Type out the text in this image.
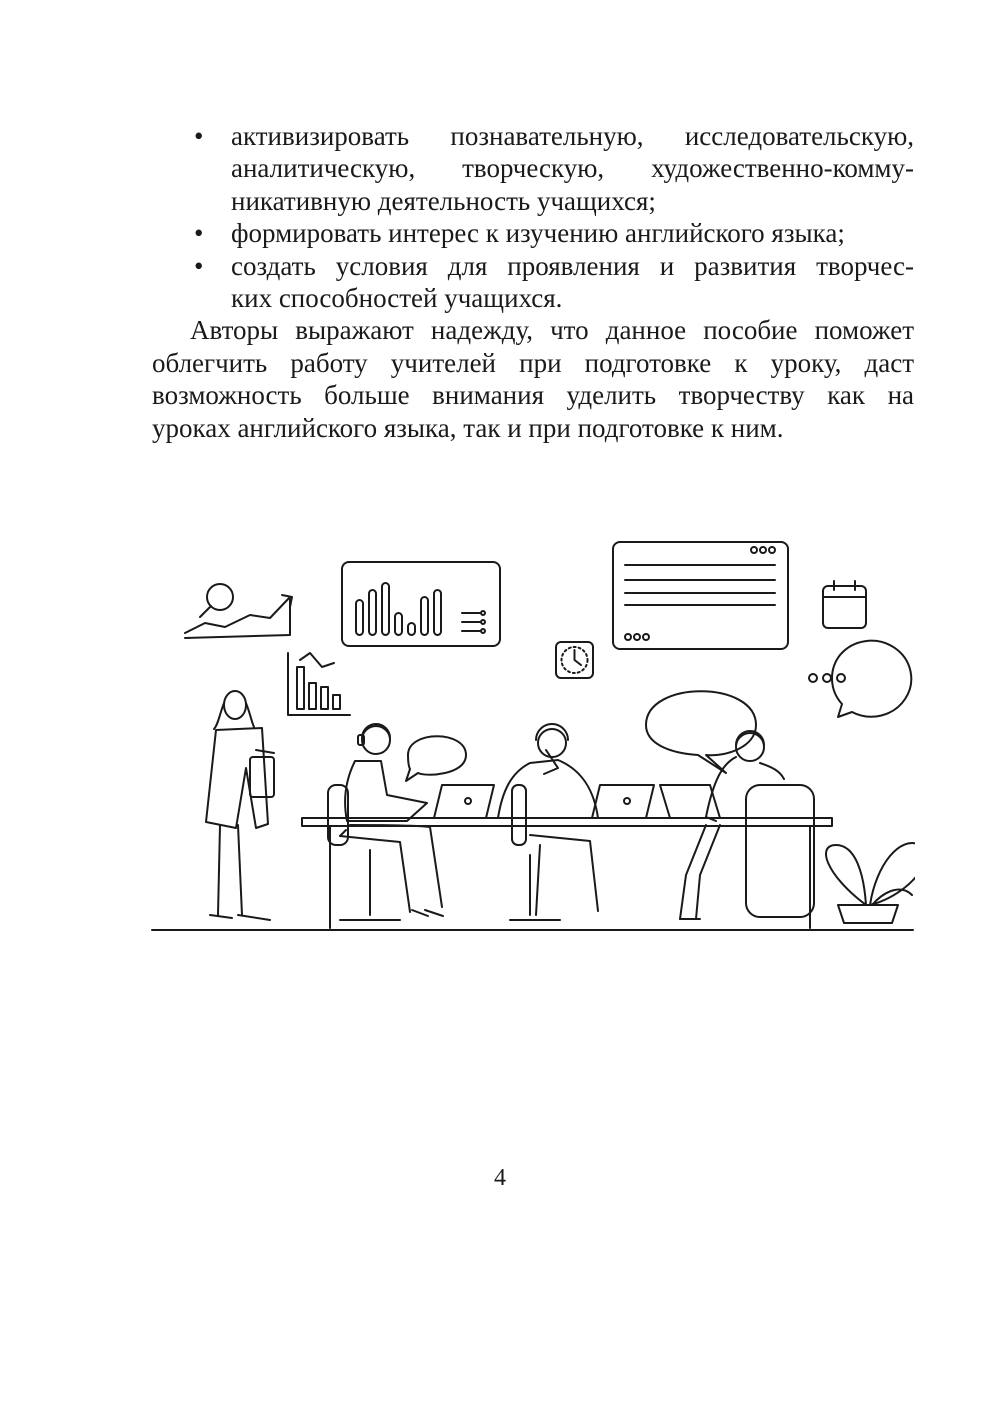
• активизировать познавательную, исследовательскую,
аналитическую, творческую, художественно-комму-
никативную деятельность учащихся;
• формировать интерес к изучению английского языка;
• создать условия для проявления и развития творчес-
ких способностей учащихся.
Авторы выражают надежду, что данное пособие поможет
облегчить работу учителей при подготовке к уроку, даст
возможность больше внимания уделить творчеству как на
уроках английского языка, так и при подготовке к ним.
4
